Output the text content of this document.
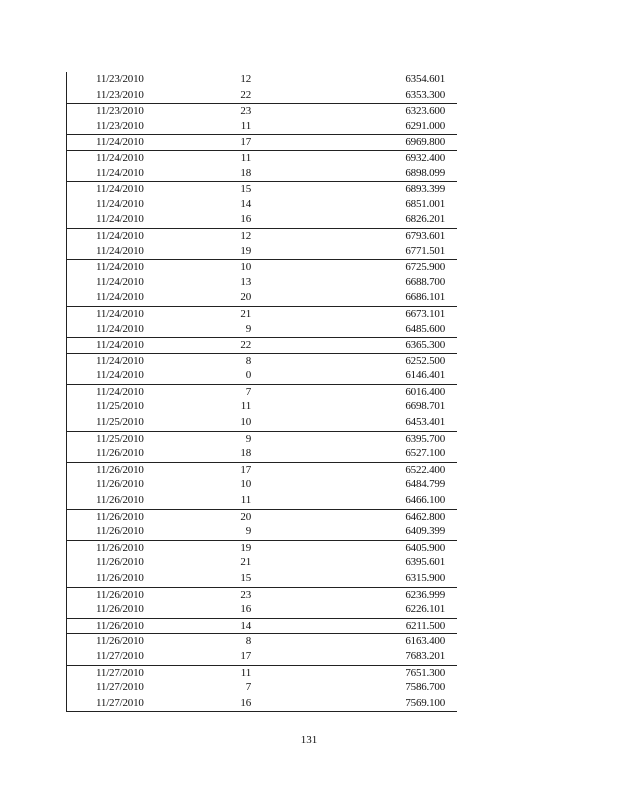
11/23/2010	12	6354.601
11/23/2010	22	6353.300
11/23/2010	23	6323.600
11/23/2010	11	6291.000
11/24/2010	17	6969.800
11/24/2010	11	6932.400
11/24/2010	18	6898.099
11/24/2010	15	6893.399
11/24/2010	14	6851.001
11/24/2010	16	6826.201
11/24/2010	12	6793.601
11/24/2010	19	6771.501
11/24/2010	10	6725.900
11/24/2010	13	6688.700
11/24/2010	20	6686.101
11/24/2010	21	6673.101
11/24/2010	9	6485.600
11/24/2010	22	6365.300
11/24/2010	8	6252.500
11/24/2010	0	6146.401
11/24/2010	7	6016.400
11/25/2010	11	6698.701
11/25/2010	10	6453.401
11/25/2010	9	6395.700
11/26/2010	18	6527.100
11/26/2010	17	6522.400
11/26/2010	10	6484.799
11/26/2010	11	6466.100
11/26/2010	20	6462.800
11/26/2010	9	6409.399
11/26/2010	19	6405.900
11/26/2010	21	6395.601
11/26/2010	15	6315.900
11/26/2010	23	6236.999
11/26/2010	16	6226.101
11/26/2010	14	6211.500
11/26/2010	8	6163.400
11/27/2010	17	7683.201
11/27/2010	11	7651.300
11/27/2010	7	7586.700
11/27/2010	16	7569.100
131
